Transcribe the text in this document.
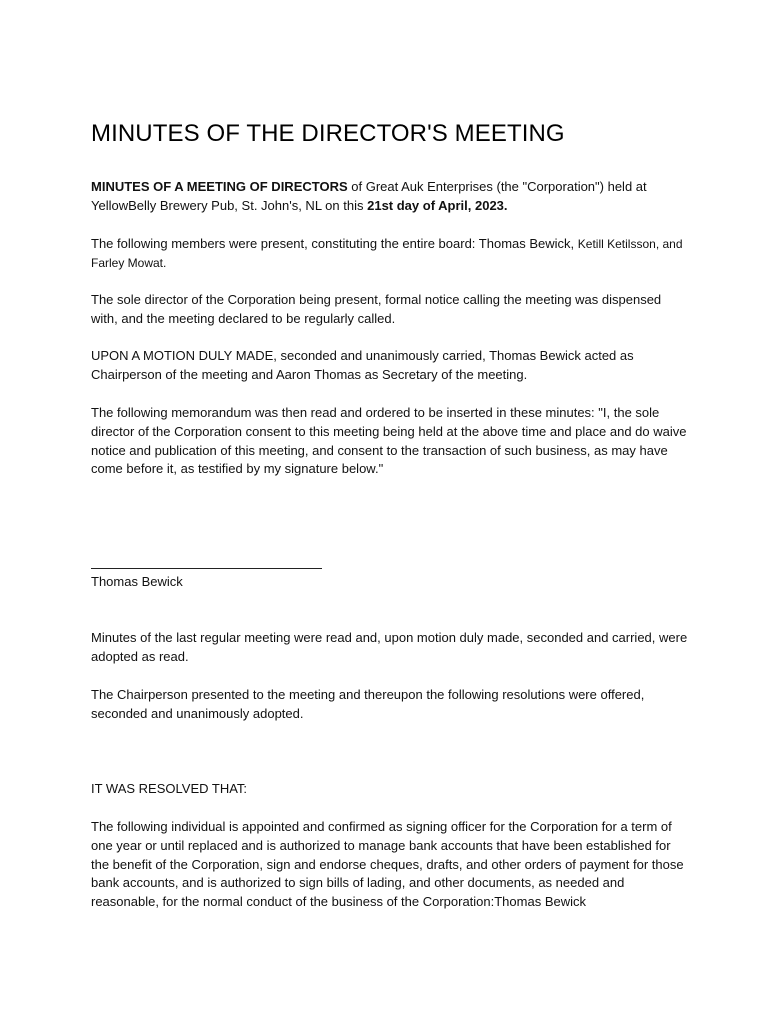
MINUTES OF THE DIRECTOR'S MEETING

MINUTES OF A MEETING OF DIRECTORS of Great Auk Enterprises (the "Corporation") held at YellowBelly Brewery Pub, St. John's, NL on this 21st day of April, 2023.

The following members were present, constituting the entire board: Thomas Bewick, Ketill Ketilsson, and Farley Mowat.

The sole director of the Corporation being present, formal notice calling the meeting was dispensed with, and the meeting declared to be regularly called.

UPON A MOTION DULY MADE, seconded and unanimously carried, Thomas Bewick acted as Chairperson of the meeting and Aaron Thomas as Secretary of the meeting.

The following memorandum was then read and ordered to be inserted in these minutes: "I, the sole director of the Corporation consent to this meeting being held at the above time and place and do waive notice and publication of this meeting, and consent to the transaction of such business, as may have come before it, as testified by my signature below."

Thomas Bewick

Minutes of the last regular meeting were read and, upon motion duly made, seconded and carried, were adopted as read.

The Chairperson presented to the meeting and thereupon the following resolutions were offered, seconded and unanimously adopted.

IT WAS RESOLVED THAT:

The following individual is appointed and confirmed as signing officer for the Corporation for a term of one year or until replaced and is authorized to manage bank accounts that have been established for the benefit of the Corporation, sign and endorse cheques, drafts, and other orders of payment for those bank accounts, and is authorized to sign bills of lading, and other documents, as needed and reasonable, for the normal conduct of the business of the Corporation:Thomas Bewick
